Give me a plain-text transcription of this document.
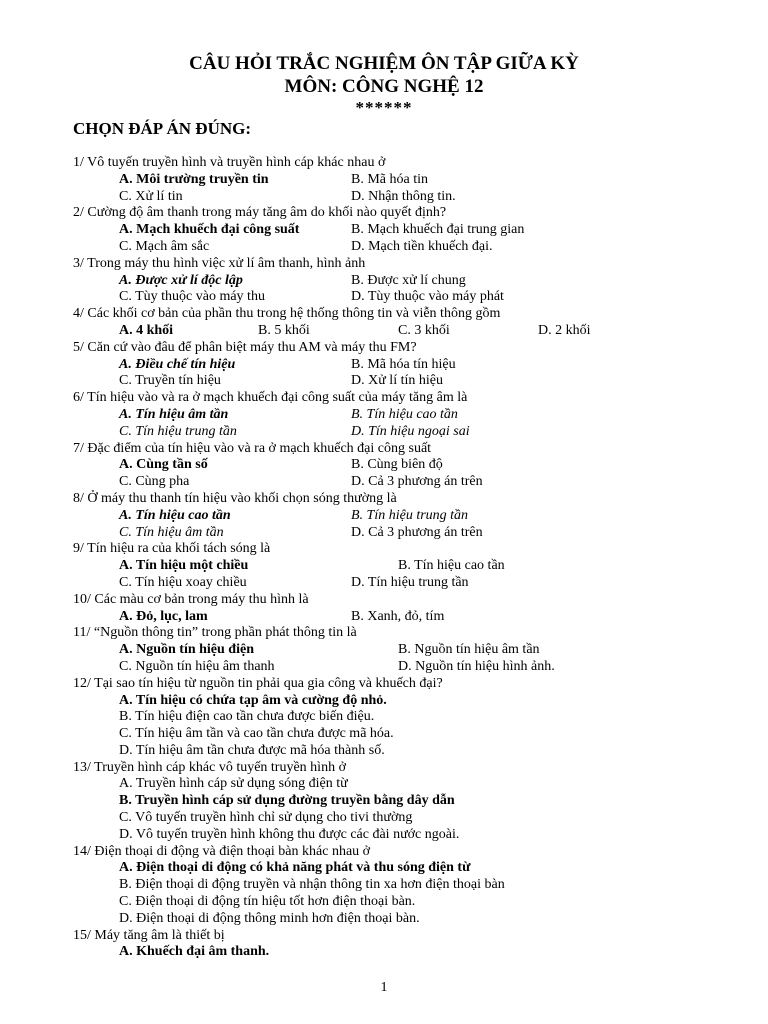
CÂU HỎI TRẮC NGHIỆM ÔN TẬP GIỮA KỲ
MÔN: CÔNG NGHỆ 12
******
CHỌN ĐÁP ÁN ĐÚNG:
1/ Vô tuyến truyền hình và truyền hình cáp khác nhau ở
A. Môi trường truyền tin	B. Mã hóa tin
C. Xử lí tin	D. Nhận thông tin.
2/ Cường độ âm thanh trong máy tăng âm do khối nào quyết định?
A. Mạch khuếch đại công suất	B. Mạch khuếch đại trung gian
C. Mạch âm sắc	D. Mạch tiền khuếch đại.
3/ Trong máy thu hình việc xử lí âm thanh, hình ảnh
A. Được xử lí độc lập	B. Được xử lí chung
C. Tùy thuộc vào máy thu	D. Tùy thuộc vào máy phát
4/ Các khối cơ bản của phần thu trong hệ thống thông tin và viễn thông gồm
A. 4 khối	B. 5 khối	C. 3 khối	D. 2 khối
5/ Căn cứ vào đâu để phân biệt máy thu AM và máy thu FM?
A. Điều chế tín hiệu	B. Mã hóa tín hiệu
C. Truyền tín hiệu	D. Xử lí tín hiệu
6/ Tín hiệu vào và ra ở mạch khuếch đại công suất của máy tăng âm là
A. Tín hiệu âm tần	B. Tín hiệu cao tần
C. Tín hiệu trung tần	D. Tín hiệu ngoại sai
7/ Đặc điểm của tín hiệu vào và ra ở mạch khuếch đại công suất
A. Cùng tần số	B. Cùng biên độ
C. Cùng pha	D. Cả 3 phương án trên
8/ Ở máy thu thanh tín hiệu vào khối chọn sóng thường là
A. Tín hiệu cao tần	B. Tín hiệu trung tần
C. Tín hiệu âm tần	D. Cả 3 phương án trên
9/ Tín hiệu ra của khối tách sóng là
A. Tín hiệu một chiều	B. Tín hiệu cao tần
C. Tín hiệu xoay chiều	D. Tín hiệu trung tần
10/ Các màu cơ bản trong máy thu hình là
A. Đỏ, lục, lam	B. Xanh, đỏ, tím
11/ “Nguồn thông tin” trong phần phát thông tin là
A. Nguồn tín hiệu điện	B. Nguồn tín hiệu âm tần
C. Nguồn tín hiệu âm thanh	D. Nguồn tín hiệu hình ảnh.
12/ Tại sao tín hiệu từ nguồn tin phải qua gia công và khuếch đại?
A. Tín hiệu có chứa tạp âm và cường độ nhỏ.
B. Tín hiệu điện cao tần chưa được biến điệu.
C. Tín hiệu âm tần và cao tần chưa được mã hóa.
D. Tín hiệu âm tần chưa được mã hóa thành số.
13/ Truyền hình cáp khác vô tuyến truyền hình ở
A. Truyền hình cáp sử dụng sóng điện từ
B. Truyền hình cáp sử dụng đường truyền bằng dây dẫn
C. Vô tuyến truyền hình chỉ sử dụng cho tivi thường
D. Vô tuyến truyền hình không thu được các đài nước ngoài.
14/ Điện thoại di động và điện thoại bàn khác nhau ở
A. Điện thoại di động có khả năng phát và thu sóng điện từ
B. Điện thoại di động truyền và nhận thông tin xa hơn điện thoại bàn
C. Điện thoại di động tín hiệu tốt hơn điện thoại bàn.
D. Điện thoại di động thông minh hơn điện thoại bàn.
15/ Máy tăng âm là thiết bị
A. Khuếch đại âm thanh.
1
